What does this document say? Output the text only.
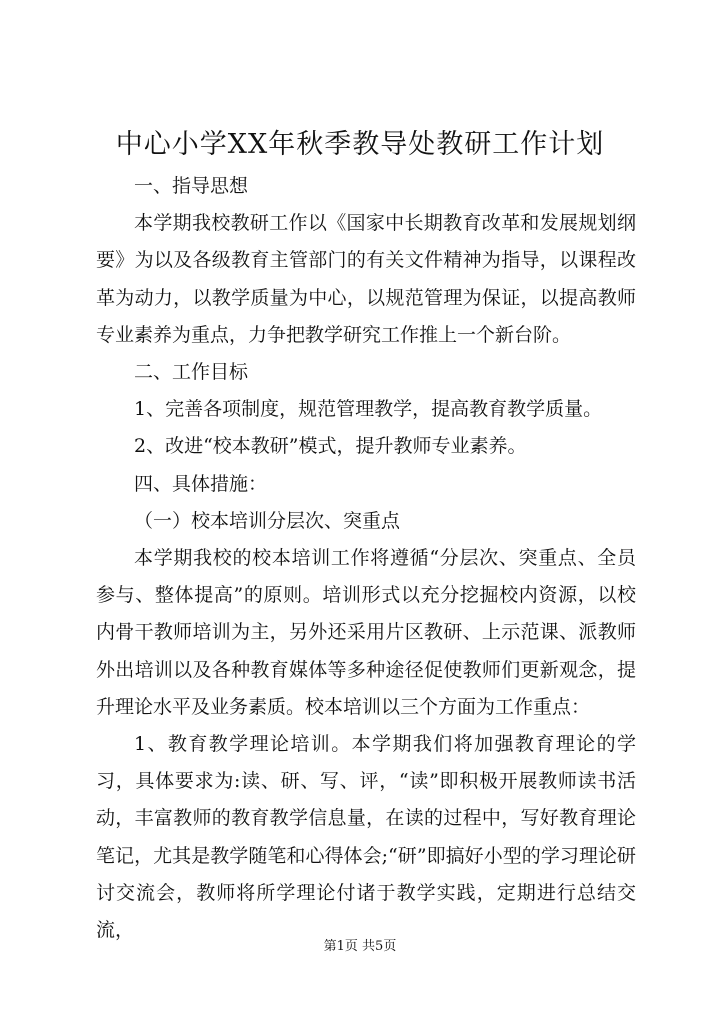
中心小学XX年秋季教导处教研工作计划

一、指导思想

本学期我校教研工作以《国家中长期教育改革和发展规划纲要》为以及各级教育主管部门的有关文件精神为指导，以课程改革为动力，以教学质量为中心，以规范管理为保证，以提高教师专业素养为重点，力争把教学研究工作推上一个新台阶。

二、工作目标

1、完善各项制度，规范管理教学，提高教育教学质量。

2、改进“校本教研”模式，提升教师专业素养。

四、具体措施：

（一）校本培训分层次、突重点

本学期我校的校本培训工作将遵循“分层次、突重点、全员参与、整体提高”的原则。培训形式以充分挖掘校内资源，以校内骨干教师培训为主，另外还采用片区教研、上示范课、派教师外出培训以及各种教育媒体等多种途径促使教师们更新观念，提升理论水平及业务素质。校本培训以三个方面为工作重点：

1、教育教学理论培训。本学期我们将加强教育理论的学习，具体要求为:读、研、写、评，“读”即积极开展教师读书活动，丰富教师的教育教学信息量，在读的过程中，写好教育理论笔记，尤其是教学随笔和心得体会;“研”即搞好小型的学习理论研讨交流会，教师将所学理论付诸于教学实践，定期进行总结交流，

第1页 共5页
